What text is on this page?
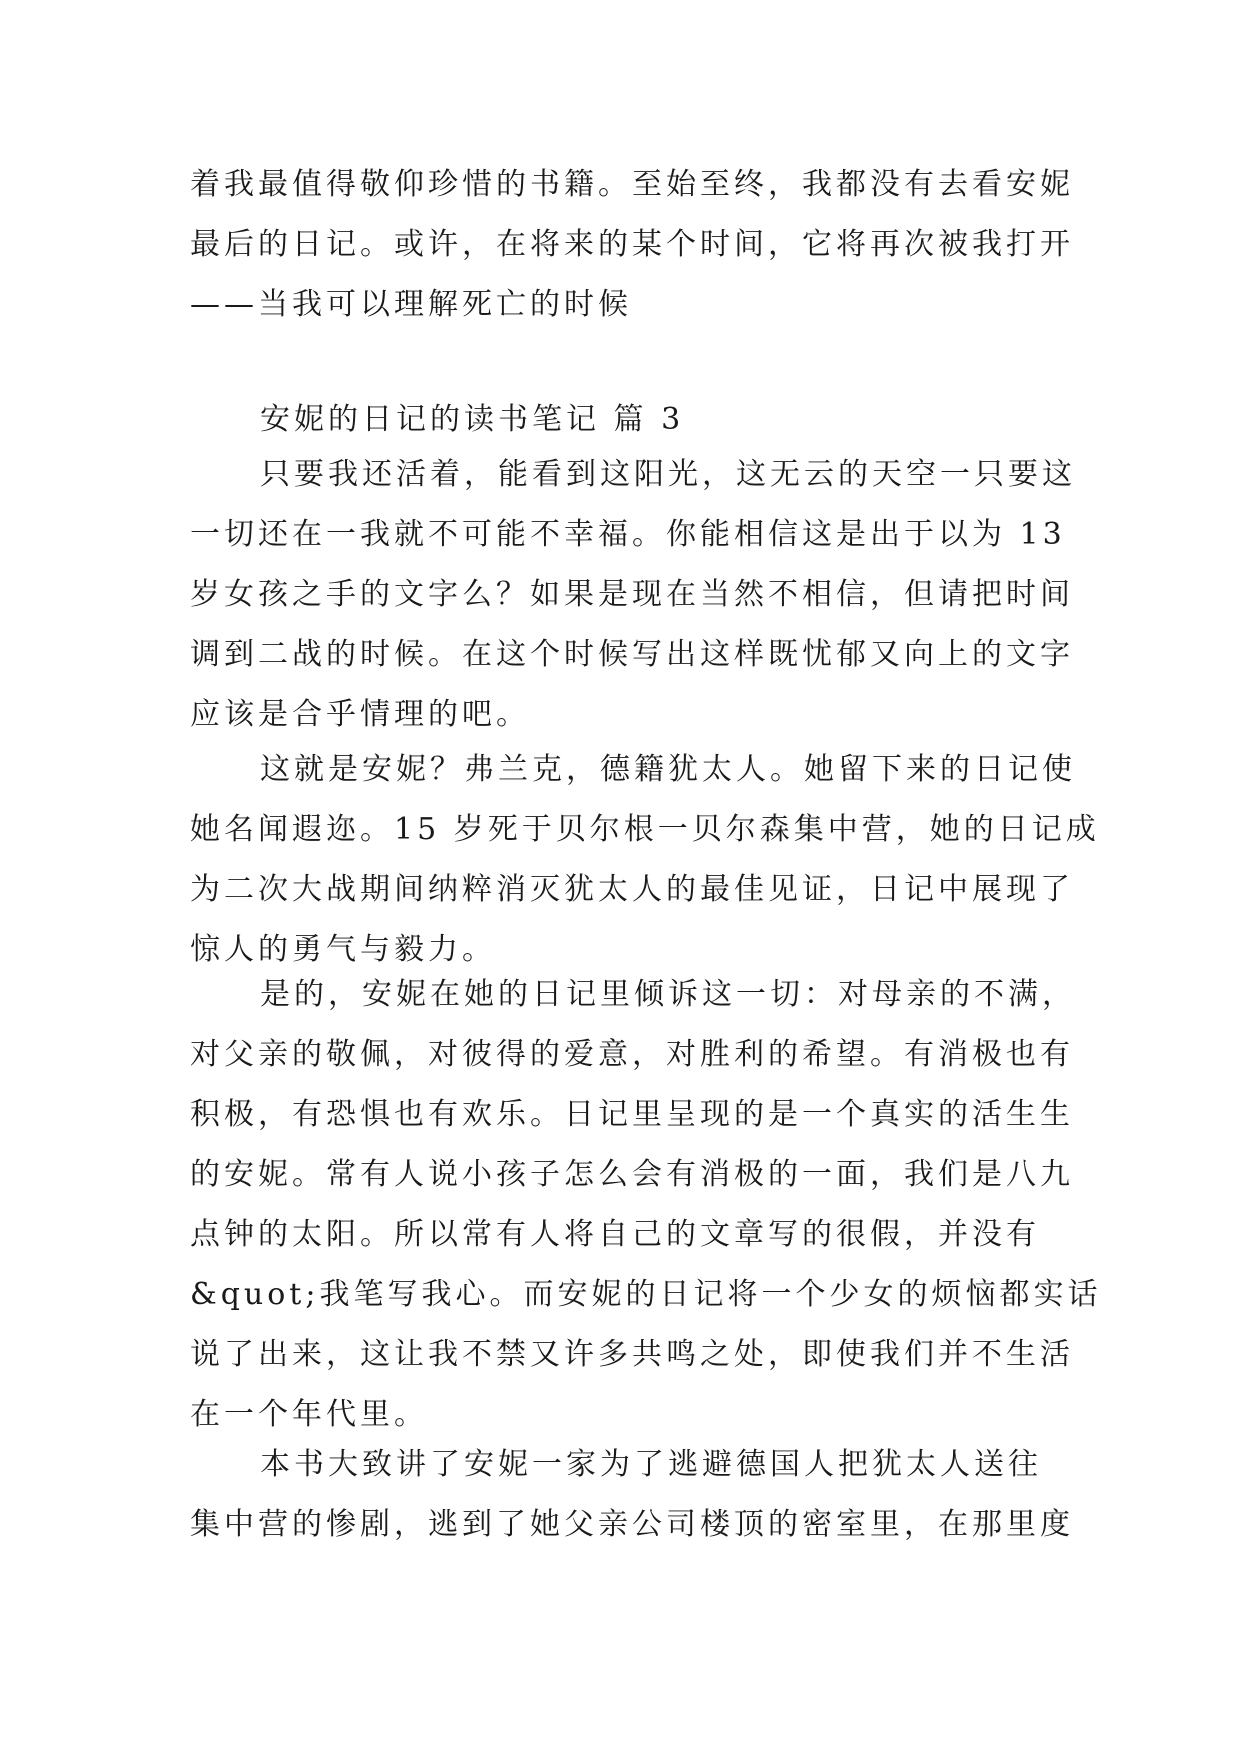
着我最值得敬仰珍惜的书籍。至始至终，我都没有去看安妮
最后的日记。或许，在将来的某个时间，它将再次被我打开
——当我可以理解死亡的时候
安妮的日记的读书笔记 篇 3
只要我还活着，能看到这阳光，这无云的天空一只要这
一切还在一我就不可能不幸福。你能相信这是出于以为 13
岁女孩之手的文字么？如果是现在当然不相信，但请把时间
调到二战的时候。在这个时候写出这样既忧郁又向上的文字
应该是合乎情理的吧。
这就是安妮？弗兰克，德籍犹太人。她留下来的日记使
她名闻遐迩。15 岁死于贝尔根一贝尔森集中营，她的日记成
为二次大战期间纳粹消灭犹太人的最佳见证，日记中展现了
惊人的勇气与毅力。
是的，安妮在她的日记里倾诉这一切：对母亲的不满，
对父亲的敬佩，对彼得的爱意，对胜利的希望。有消极也有
积极，有恐惧也有欢乐。日记里呈现的是一个真实的活生生
的安妮。常有人说小孩子怎么会有消极的一面，我们是八九
点钟的太阳。所以常有人将自己的文章写的很假，并没有
&quot;我笔写我心。而安妮的日记将一个少女的烦恼都实话
说了出来，这让我不禁又许多共鸣之处，即使我们并不生活
在一个年代里。
本书大致讲了安妮一家为了逃避德国人把犹太人送往
集中营的惨剧，逃到了她父亲公司楼顶的密室里，在那里度
